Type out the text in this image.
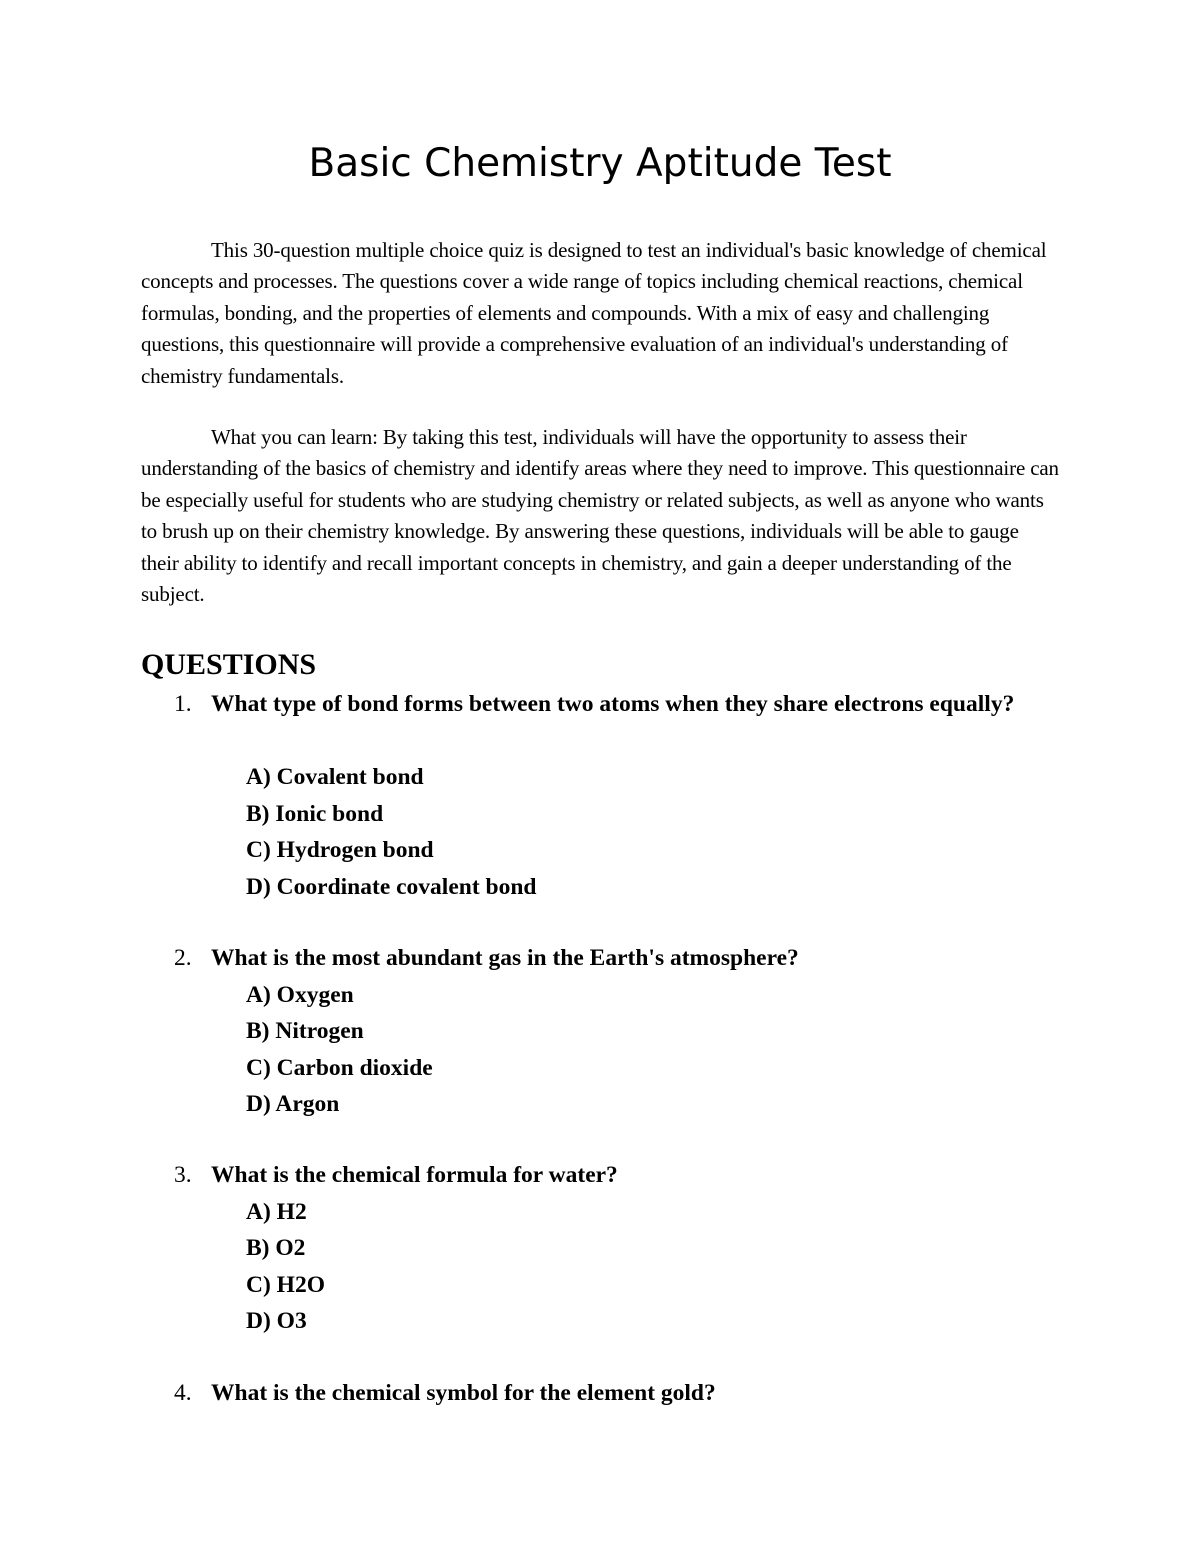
Basic Chemistry Aptitude Test

This 30-question multiple choice quiz is designed to test an individual's basic knowledge of chemical concepts and processes. The questions cover a wide range of topics including chemical reactions, chemical formulas, bonding, and the properties of elements and compounds. With a mix of easy and challenging questions, this questionnaire will provide a comprehensive evaluation of an individual's understanding of chemistry fundamentals.

What you can learn: By taking this test, individuals will have the opportunity to assess their understanding of the basics of chemistry and identify areas where they need to improve. This questionnaire can be especially useful for students who are studying chemistry or related subjects, as well as anyone who wants to brush up on their chemistry knowledge. By answering these questions, individuals will be able to gauge their ability to identify and recall important concepts in chemistry, and gain a deeper understanding of the subject.

QUESTIONS
1. What type of bond forms between two atoms when they share electrons equally?
A) Covalent bond
B) Ionic bond
C) Hydrogen bond
D) Coordinate covalent bond
2. What is the most abundant gas in the Earth's atmosphere?
A) Oxygen
B) Nitrogen
C) Carbon dioxide
D) Argon
3. What is the chemical formula for water?
A) H2
B) O2
C) H2O
D) O3
4. What is the chemical symbol for the element gold?
